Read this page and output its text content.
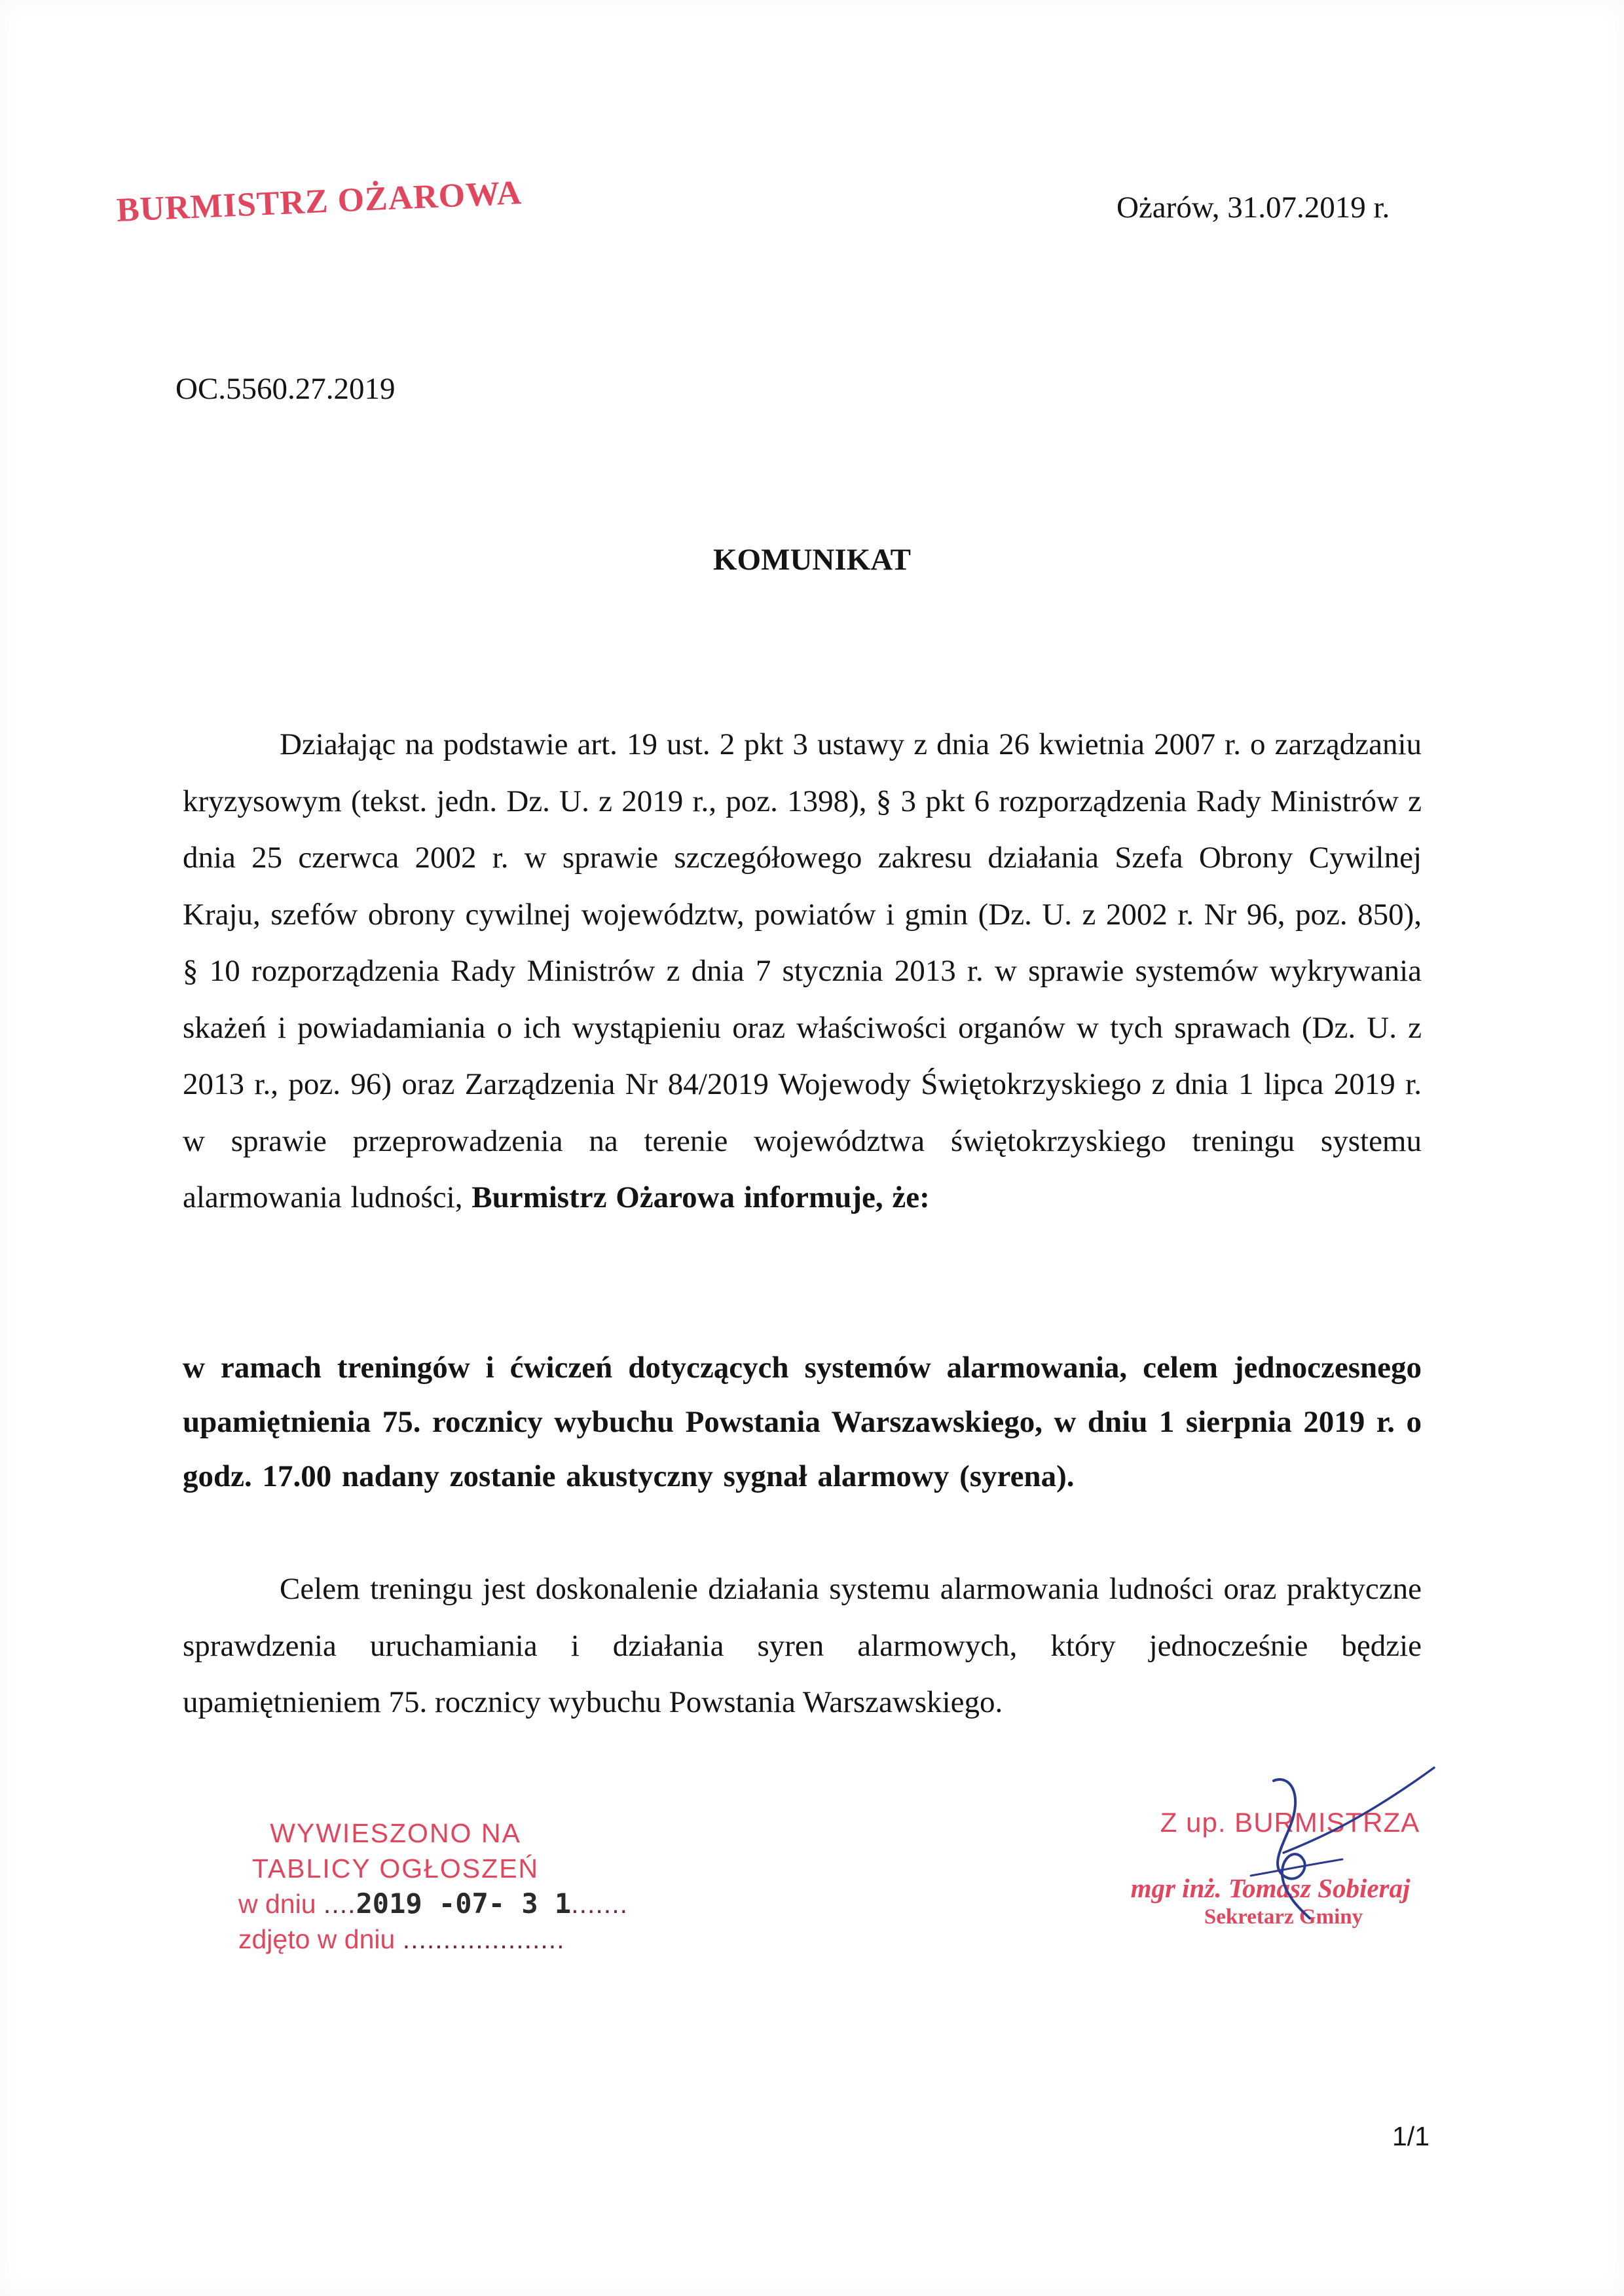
BURMISTRZ OŻAROWA	Ożarów, 31.07.2019 r.
OC.5560.27.2019
KOMUNIKAT
Działając na podstawie art. 19 ust. 2 pkt 3 ustawy z dnia 26 kwietnia 2007 r. o zarządzaniu kryzysowym (tekst. jedn. Dz. U. z 2019 r., poz. 1398), § 3 pkt 6 rozporządzenia Rady Ministrów z dnia 25 czerwca 2002 r. w sprawie szczegółowego zakresu działania Szefa Obrony Cywilnej Kraju, szefów obrony cywilnej województw, powiatów i gmin (Dz. U. z 2002 r. Nr 96, poz. 850), § 10 rozporządzenia Rady Ministrów z dnia 7 stycznia 2013 r. w sprawie systemów wykrywania skażeń i powiadamiania o ich wystąpieniu oraz właściwości organów w tych sprawach (Dz. U. z 2013 r., poz. 96) oraz Zarządzenia Nr 84/2019 Wojewody Świętokrzyskiego z dnia 1 lipca 2019 r. w sprawie przeprowadzenia na terenie województwa świętokrzyskiego treningu systemu alarmowania ludności, Burmistrz Ożarowa informuje, że:
w ramach treningów i ćwiczeń dotyczących systemów alarmowania, celem jednoczesnego upamiętnienia 75. rocznicy wybuchu Powstania Warszawskiego, w dniu 1 sierpnia 2019 r. o godz. 17.00 nadany zostanie akustyczny sygnał alarmowy (syrena).
Celem treningu jest doskonalenie działania systemu alarmowania ludności oraz praktyczne sprawdzenia uruchamiania i działania syren alarmowych, który jednocześnie będzie upamiętnieniem 75. rocznicy wybuchu Powstania Warszawskiego.
WYWIESZONO NA
TABLICY OGŁOSZEŃ
w dniu ....2019 -07- 3 1.......
zdjęto w dniu ....................
Z up. BURMISTRZA
mgr inż. Tomasz Sobieraj
Sekretarz Gminy
1/1
